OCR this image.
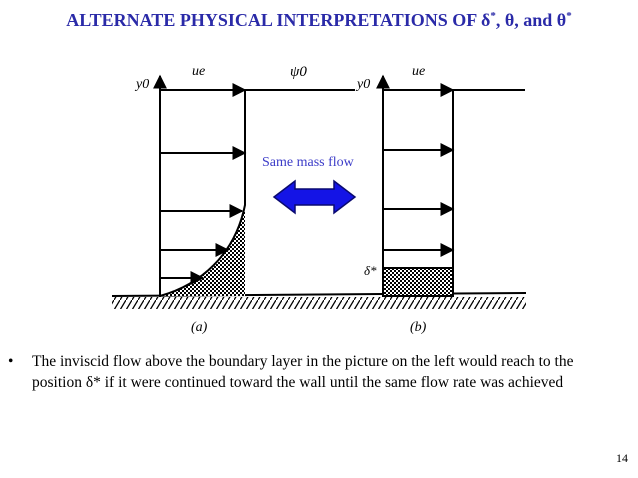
ALTERNATE PHYSICAL INTERPRETATIONS OF δ*, θ, and θ*
y0
ue	ψ0
y0
ue
δ*
(a)	(b)
Same mass flow
• The inviscid flow above the boundary layer in the picture on the left would reach to the position δ* if it were continued toward the wall until the same flow rate was achieved
14
